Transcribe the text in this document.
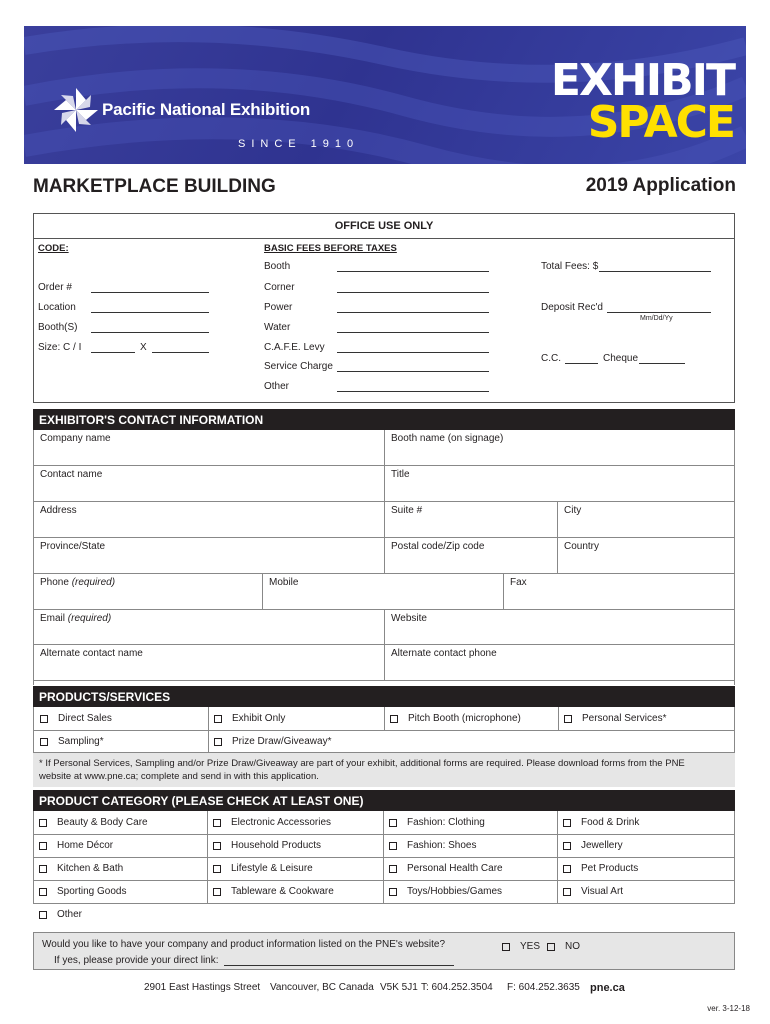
Pacific National Exhibition
SINCE 1910
EXHIBIT
SPACE
MARKETPLACE BUILDING	2019 Application
OFFICE USE ONLY
CODE:	BASIC FEES BEFORE TAXES
Order #
Location
Booth(S)
Size: C / I	X
Booth
Corner
Power
Water
C.A.F.E. Levy
Service Charge
Other
Total Fees: $
Deposit Rec'd
Mm/Dd/Yy
C.C.	Cheque
EXHIBITOR'S CONTACT INFORMATION
Company name	Booth name (on signage)
Contact name	Title
Address	Suite #	City
Province/State	Postal code/Zip code	Country
Phone (required)	Mobile	Fax
Email (required)	Website
Alternate contact name	Alternate contact phone
PRODUCTS/SERVICES
Direct Sales	Exhibit Only	Pitch Booth (microphone)	Personal Services*
Sampling*	Prize Draw/Giveaway*
* If Personal Services, Sampling and/or Prize Draw/Giveaway are part of your exhibit, additional forms are required. Please download forms from the PNE
website at www.pne.ca; complete and send in with this application.
PRODUCT CATEGORY (PLEASE CHECK AT LEAST ONE)
Beauty & Body Care	Electronic Accessories	Fashion: Clothing	Food & Drink
Home Décor	Household Products	Fashion: Shoes	Jewellery
Kitchen & Bath	Lifestyle & Leisure	Personal Health Care	Pet Products
Sporting Goods	Tableware & Cookware	Toys/Hobbies/Games	Visual Art
Other
Would you like to have your company and product information listed on the PNE's website?	YES NO
If yes, please provide your direct link:
2901 East Hastings Street Vancouver, BC Canada V5K 5J1 T: 604.252.3504 F: 604.252.3635 pne.ca
ver. 3-12-18
